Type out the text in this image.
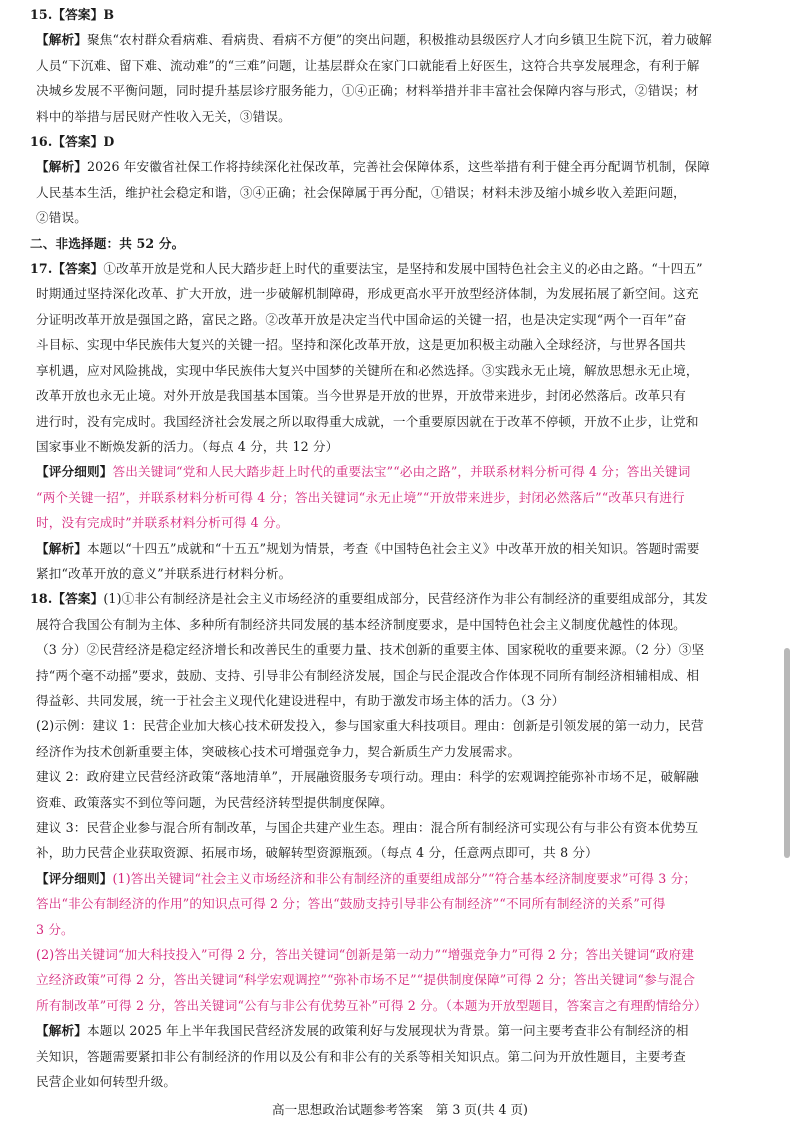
15.【答案】B
【解析】聚焦“农村群众看病难、看病贵、看病不方便”的突出问题，积极推动县级医疗人才向乡镇卫生院下沉，着力破解
人员“下沉难、留下难、流动难”的“三难”问题，让基层群众在家门口就能看上好医生，这符合共享发展理念，有利于解
决城乡发展不平衡问题，同时提升基层诊疗服务能力，①④正确；材料举措并非丰富社会保障内容与形式，②错误；材
料中的举措与居民财产性收入无关，③错误。
16.【答案】D
【解析】2026 年安徽省社保工作将持续深化社保改革，完善社会保障体系，这些举措有利于健全再分配调节机制，保障
人民基本生活，维护社会稳定和谐，③④正确；社会保障属于再分配，①错误；材料未涉及缩小城乡收入差距问题，
②错误。
二、非选择题：共 52 分。
17.【答案】①改革开放是党和人民大踏步赶上时代的重要法宝，是坚持和发展中国特色社会主义的必由之路。“十四五”
时期通过坚持深化改革、扩大开放，进一步破解机制障碍，形成更高水平开放型经济体制，为发展拓展了新空间。这充
分证明改革开放是强国之路，富民之路。②改革开放是决定当代中国命运的关键一招，也是决定实现“两个一百年”奋
斗目标、实现中华民族伟大复兴的关键一招。坚持和深化改革开放，这是更加积极主动融入全球经济，与世界各国共
享机遇，应对风险挑战，实现中华民族伟大复兴中国梦的关键所在和必然选择。③实践永无止境，解放思想永无止境，
改革开放也永无止境。对外开放是我国基本国策。当今世界是开放的世界，开放带来进步，封闭必然落后。改革只有
进行时，没有完成时。我国经济社会发展之所以取得重大成就，一个重要原因就在于改革不停顿，开放不止步，让党和
国家事业不断焕发新的活力。（每点 4 分，共 12 分）
【评分细则】答出关键词“党和人民大踏步赶上时代的重要法宝”“必由之路”，并联系材料分析可得 4 分；答出关键词
“两个关键一招”，并联系材料分析可得 4 分；答出关键词“永无止境”“开放带来进步，封闭必然落后”“改革只有进行
时，没有完成时”并联系材料分析可得 4 分。
【解析】本题以“十四五”成就和“十五五”规划为情景，考查《中国特色社会主义》中改革开放的相关知识。答题时需要
紧扣“改革开放的意义”并联系进行材料分析。
18.【答案】(1)①非公有制经济是社会主义市场经济的重要组成部分，民营经济作为非公有制经济的重要组成部分，其发
展符合我国公有制为主体、多种所有制经济共同发展的基本经济制度要求，是中国特色社会主义制度优越性的体现。
（3 分）②民营经济是稳定经济增长和改善民生的重要力量、技术创新的重要主体、国家税收的重要来源。（2 分）③坚
持“两个毫不动摇”要求，鼓励、支持、引导非公有制经济发展，国企与民企混改合作体现不同所有制经济相辅相成、相
得益彰、共同发展，统一于社会主义现代化建设进程中，有助于激发市场主体的活力。（3 分）
(2)示例：建议 1：民营企业加大核心技术研发投入，参与国家重大科技项目。理由：创新是引领发展的第一动力，民营
经济作为技术创新重要主体，突破核心技术可增强竞争力，契合新质生产力发展需求。
建议 2：政府建立民营经济政策“落地清单”，开展融资服务专项行动。理由：科学的宏观调控能弥补市场不足，破解融
资难、政策落实不到位等问题，为民营经济转型提供制度保障。
建议 3：民营企业参与混合所有制改革，与国企共建产业生态。理由：混合所有制经济可实现公有与非公有资本优势互
补，助力民营企业获取资源、拓展市场，破解转型资源瓶颈。（每点 4 分，任意两点即可，共 8 分）
【评分细则】(1)答出关键词“社会主义市场经济和非公有制经济的重要组成部分”“符合基本经济制度要求”可得 3 分；
答出“非公有制经济的作用”的知识点可得 2 分；答出“鼓励支持引导非公有制经济”“不同所有制经济的关系”可得
3 分。
(2)答出关键词“加大科技投入”可得 2 分，答出关键词“创新是第一动力”“增强竞争力”可得 2 分；答出关键词“政府建
立经济政策”可得 2 分，答出关键词“科学宏观调控”“弥补市场不足”“提供制度保障”可得 2 分；答出关键词“参与混合
所有制改革”可得 2 分，答出关键词“公有与非公有优势互补”可得 2 分。（本题为开放型题目，答案言之有理酌情给分）
【解析】本题以 2025 年上半年我国民营经济发展的政策利好与发展现状为背景。第一问主要考查非公有制经济的相
关知识，答题需要紧扣非公有制经济的作用以及公有和非公有的关系等相关知识点。第二问为开放性题目，主要考查
民营企业如何转型升级。
高一思想政治试题参考答案　第 3 页(共 4 页)
